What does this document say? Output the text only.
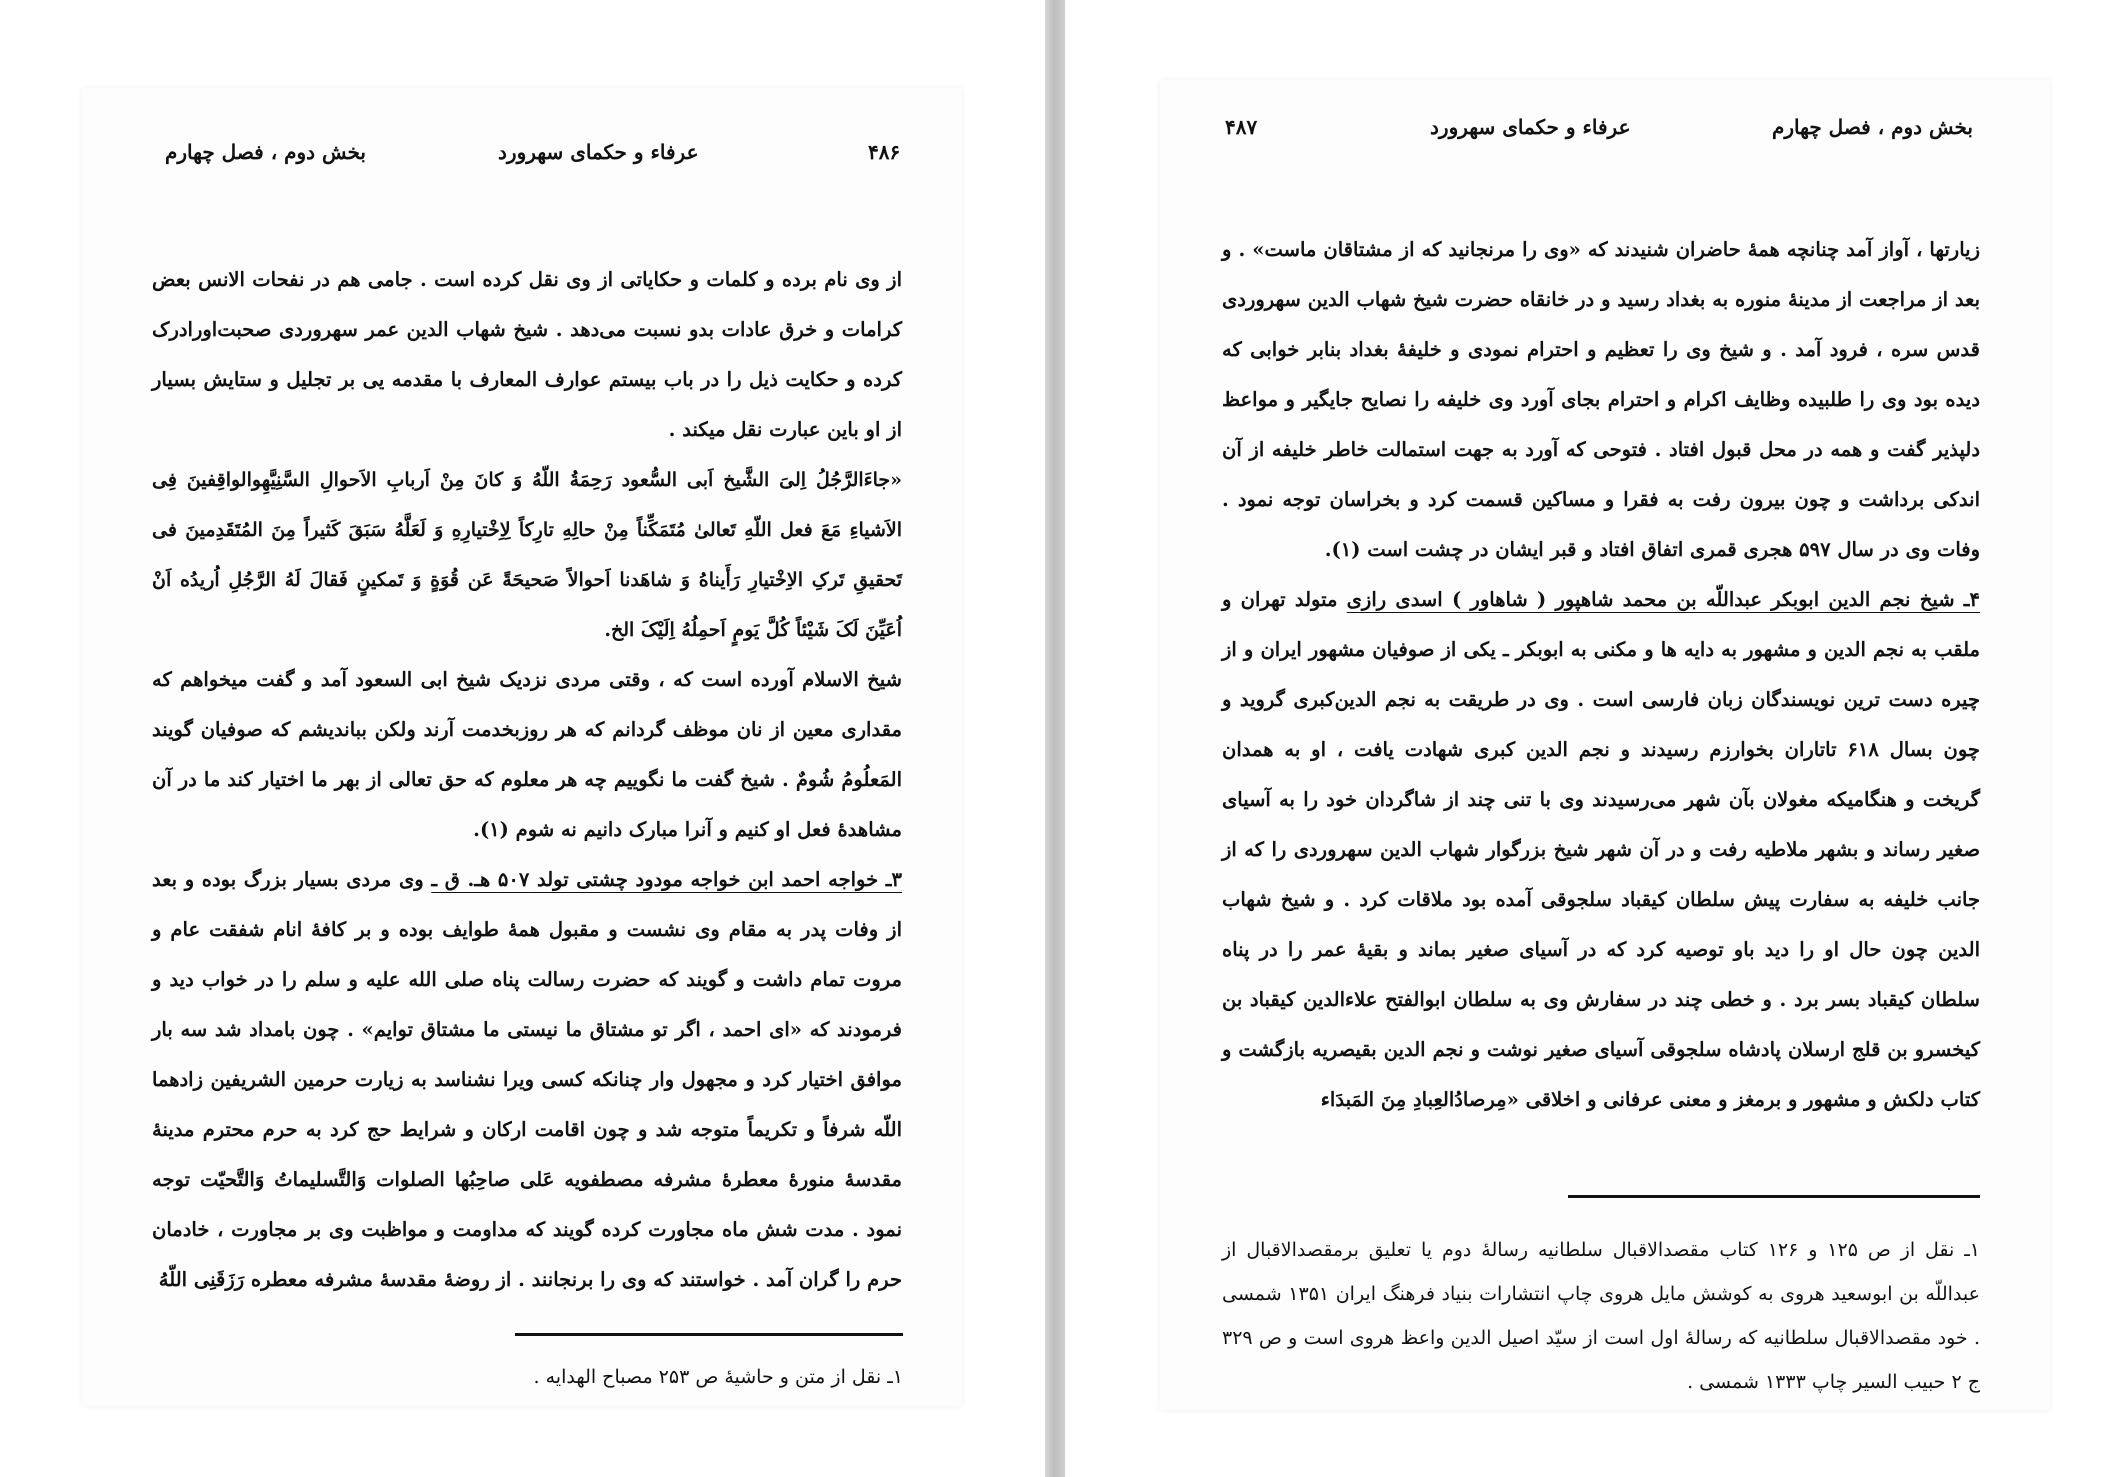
۴۸۶
عرفاء و حکمای سهرورد
بخش دوم ، فصل چهارم

از وی نام برده و کلمات و حکایاتی از وی نقل کرده است . جامی هم در نفحات الانس بعض کرامات و خرق عادات بدو نسبت می‌دهد . شیخ شهاب الدین عمر سهروردی صحبت‌اورادرک کرده و حکایت ذیل را در باب بیستم عوارف المعارف با مقدمه یی بر تجلیل و ستایش بسیار از او باین عبارت نقل میکند .

«جاءَالرَّجُلُ اِلیَ الشَّیخ اَبی السُّعود رَحِمَةُ اللّهُ وَ کانَ مِنْ اَربابِ الاَحوالِ السَّنِیَّهِوالواقِفینَ فِی الاَشیاءِ مَعَ فعل اللّهِ تَعالیٰ مُتَمَکِّناً مِنْ حالِهِ تارِکاً لِاِخْتیارِهِ وَ لَعَلَّهُ سَبَقَ کَثیراً مِنَ المُتَقَدِمینَ فی تَحقیقِ تَرکِ الاِخْتیارِ رَأَیناهُ وَ شاهَدنا اَحوالاً صَحیحَةً عَن قُوَةٍ وَ تَمکینٍ فَقالَ لَهُ الرَّجُلِ اُریدُه اَنْ اُعَیِّنَ لَکَ شَیْئاً کُلَّ یَومٍ اَحمِلُهُ اِلَیْکَ الخ.

شیخ الاسلام آورده است که ، وقتی مردی نزدیک شیخ ابی السعود آمد و گفت میخواهم که مقداری معین از نان موظف گردانم که هر روزبخدمت آرند ولکن بباندیشم که صوفیان گویند المَعلُومُ شُومٌ . شیخ گفت ما نگوییم چه هر معلوم که حق تعالی از بهر ما اختیار کند ما در آن مشاهدهٔ فعل او کنیم و آنرا مبارک دانیم نه شوم (۱).

۳ـ خواجه احمد ابن خواجه مودود چشتی تولد ۵۰۷ هـ. ق ـ وی مردی بسیار بزرگ بوده و بعد از وفات پدر به مقام وی نشست و مقبول همهٔ طوایف بوده و بر کافهٔ انام شفقت عام و مروت تمام داشت و گویند که حضرت رسالت پناه صلی الله علیه و سلم را در خواب دید و فرمودند که «ای احمد ، اگر تو مشتاق ما نیستی ما مشتاق توایم» . چون بامداد شد سه بار موافق اختیار کرد و مجهول وار چنانکه کسی ویرا نشناسد به زیارت حرمین الشریفین زادهما اللّه شرفاً و تکریماً متوجه شد و چون اقامت ارکان و شرایط حج کرد به حرم محترم مدینهٔ مقدسهٔ منورهٔ معطرهٔ مشرفه مصطفویه عَلی صاحِبُها الصلوات وَالتَّسلیماتُ وَالتَّحیّت توجه نمود . مدت شش ماه مجاورت کرده گویند که مداومت و مواظبت وی بر مجاورت ، خادمان حرم را گران آمد . خواستند که وی را برنجانند . از روضهٔ مقدسهٔ مشرفه معطره رَزَقَنِی اللّهُ

۱ـ نقل از متن و حاشیهٔ ص ۲۵۳ مصباح الهدایه .
۴۸۷	عرفاء و حکمای سهرورد	بخش دوم ، فصل چهارم

زیارتها ، آواز آمد چنانچه همهٔ حاضران شنیدند که «وی را مرنجانید که از مشتاقان ماست» . و بعد از مراجعت از مدینهٔ منوره به بغداد رسید و در خانقاه حضرت شیخ شهاب الدین سهروردی قدس سره ، فرود آمد . و شیخ وی را تعظیم و احترام نمودی و خلیفهٔ بغداد بنابر خوابی که دیده بود وی را طلبیده وظایف اکرام و احترام بجای آورد وی خلیفه را نصایح جایگیر و مواعظ دلپذیر گفت و همه در محل قبول افتاد . فتوحی که آورد به جهت استمالت خاطر خلیفه از آن اندکی برداشت و چون بیرون رفت به فقرا و مساکین قسمت کرد و بخراسان توجه نمود . وفات وی در سال ۵۹۷ هجری قمری اتفاق افتاد و قبر ایشان در چشت است (۱).

۴ـ شیخ نجم الدین ابوبکر عبداللّه بن محمد شاهپور ( شاهاور ) اسدی رازی متولد تهران و ملقب به نجم الدین و مشهور به دایه ها و مکنی به ابوبکر ـ یکی از صوفیان مشهور ایران و از چیره دست ترین نویسندگان زبان فارسی است . وی در طریقت به نجم الدین‌کبری گروید و چون بسال ۶۱۸ تاتاران بخوارزم رسیدند و نجم الدین کبری شهادت یافت ، او به همدان گریخت و هنگامیکه مغولان بآن شهر می‌رسیدند وی با تنی چند از شاگردان خود را به آسیای صغیر رساند و بشهر ملاطیه رفت و در آن شهر شیخ بزرگوار شهاب الدین سهروردی را که از جانب خلیفه به سفارت پیش سلطان کیقباد سلجوقی آمده بود ملاقات کرد . و شیخ شهاب الدین چون حال او را دید باو توصیه کرد که در آسیای صغیر بماند و بقیهٔ عمر را در پناه سلطان کیقباد بسر برد . و خطی چند در سفارش وی به سلطان ابوالفتح علاءالدین کیقباد بن کیخسرو بن قلج ارسلان پادشاه سلجوقی آسیای صغیر نوشت و نجم الدین بقیصریه بازگشت و کتاب دلکش و مشهور و برمغز و معنی عرفانی و اخلاقی «مِرصادُالعِبادِ مِنَ المَبدَاء

۱ـ نقل از ص ۱۲۵ و ۱۲۶ کتاب مقصدالاقبال سلطانیه رسالهٔ دوم یا تعلیق برمقصدالاقبال از عبداللّه بن ابوسعید هروی به کوشش مایل هروی چاپ انتشارات بنیاد فرهنگ ایران ۱۳۵۱ شمسی . خود مقصدالاقبال سلطانیه که رسالهٔ اول است از سیّد اصیل الدین واعظ هروی است و ص ۳۲۹ ج ۲ حبیب السیر چاپ ۱۳۳۳ شمسی .
